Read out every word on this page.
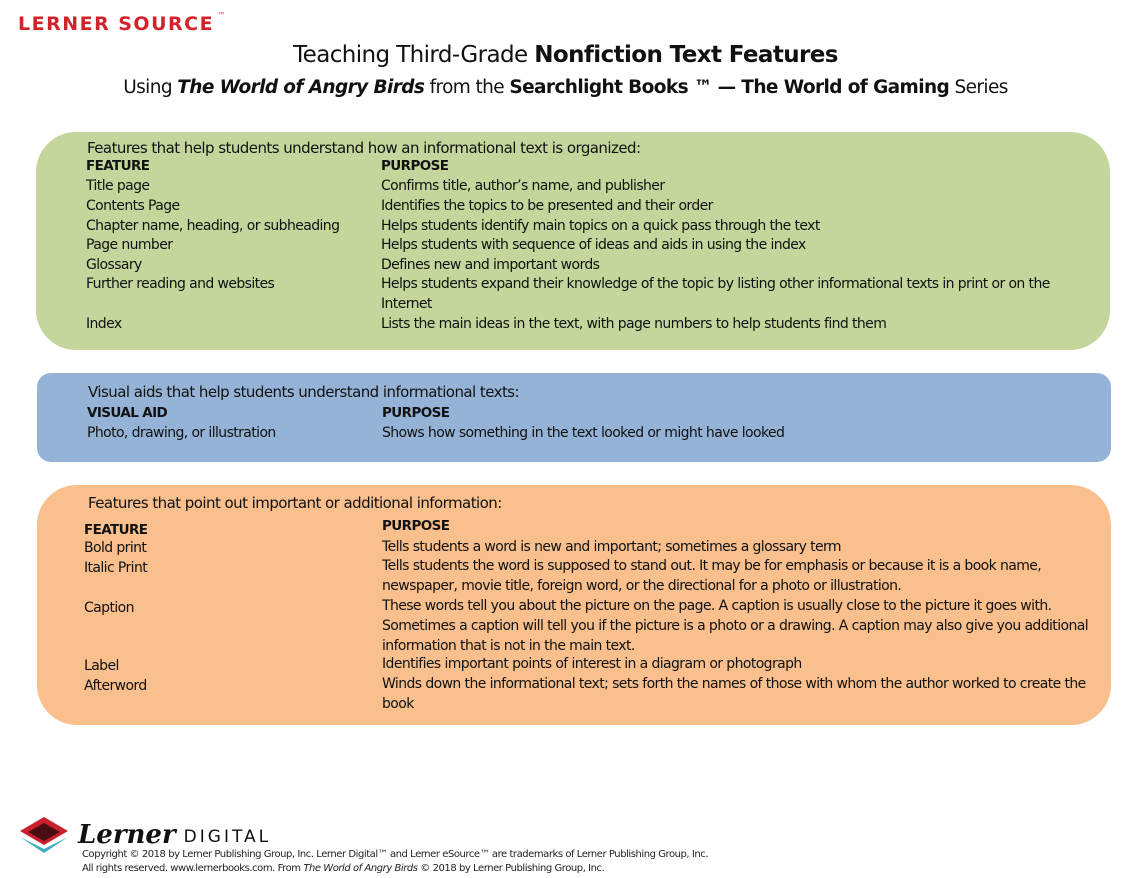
LERNER SOURCE ™
Teaching Third-Grade Nonfiction Text Features
Using The World of Angry Birds from the Searchlight Books ™ — The World of Gaming Series
Features that help students understand how an informational text is organized:
FEATURE	PURPOSE
Title page	Confirms title, author’s name, and publisher
Contents Page	Identifies the topics to be presented and their order
Chapter name, heading, or subheading	Helps students identify main topics on a quick pass through the text
Page number	Helps students with sequence of ideas and aids in using the index
Glossary	Defines new and important words
Further reading and websites	Helps students expand their knowledge of the topic by listing other informational texts in print or on the Internet
Index	Lists the main ideas in the text, with page numbers to help students find them
Visual aids that help students understand informational texts:
VISUAL AID	PURPOSE
Photo, drawing, or illustration	Shows how something in the text looked or might have looked
Features that point out important or additional information:
FEATURE	PURPOSE
Bold print	Tells students a word is new and important; sometimes a glossary term
Italic Print	Tells students the word is supposed to stand out. It may be for emphasis or because it is a book name, newspaper, movie title, foreign word, or the directional for a photo or illustration.
Caption	These words tell you about the picture on the page. A caption is usually close to the picture it goes with. Sometimes a caption will tell you if the picture is a photo or a drawing. A caption may also give you additional information that is not in the main text.
Label	Identifies important points of interest in a diagram or photograph
Afterword	Winds down the informational text; sets forth the names of those with whom the author worked to create the book
Lerner DIGITAL
Copyright © 2018 by Lerner Publishing Group, Inc. Lerner Digital™ and Lerner eSource™ are trademarks of Lerner Publishing Group, Inc.
All rights reserved. www.lernerbooks.com. From The World of Angry Birds © 2018 by Lerner Publishing Group, Inc.
